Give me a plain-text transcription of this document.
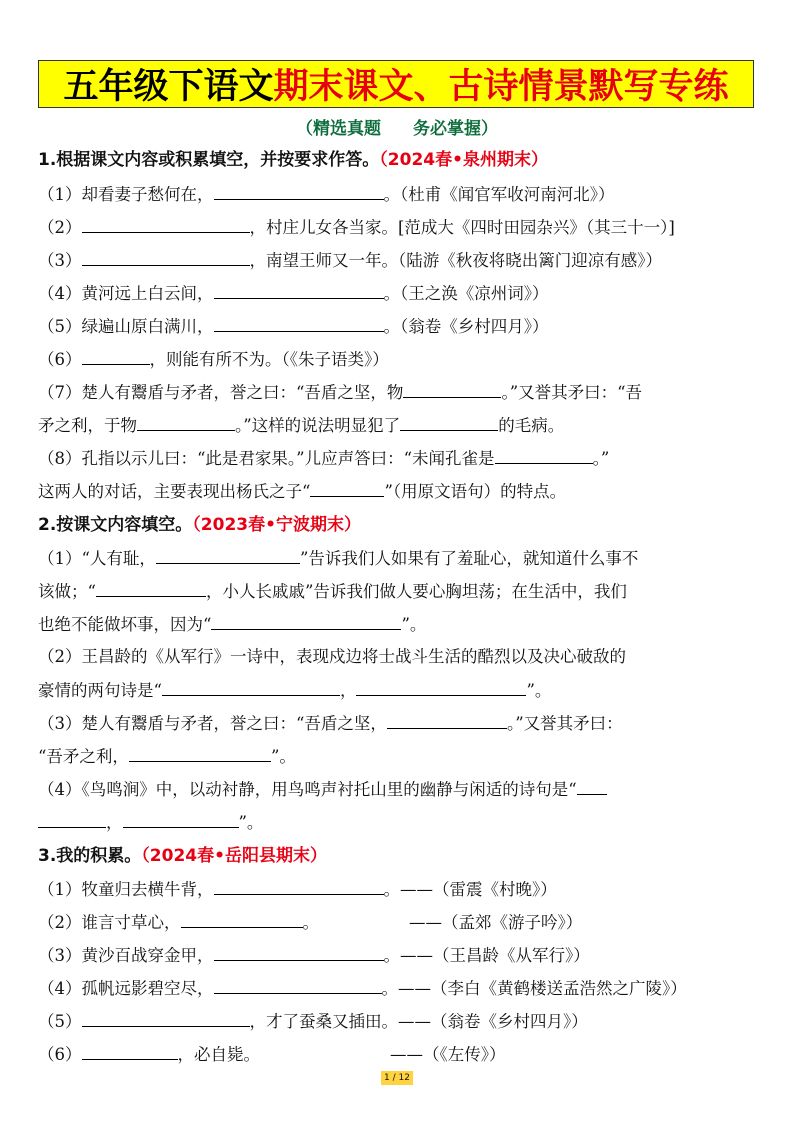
五年级下语文 期末课文、古诗情景默写专练
（精选真题 务必掌握）
1.根据课文内容或积累填空，并按要求作答。（2024春•泉州期末）
（1）却看妻子愁何在，	。（杜甫《闻官军收河南河北》）
（2）	，村庄儿女各当家。[范成大《四时田园杂兴》（其三十一）]
（3）	，南望王师又一年。（陆游《秋夜将晓出篱门迎凉有感》）
（4）黄河远上白云间，	。（王之涣《凉州词》）
（5）绿遍山原白满川，	。（翁卷《乡村四月》）
（6）	，则能有所不为。（《朱子语类》）
（7）楚人有鬻盾与矛者，誉之曰：“吾盾之坚，物	。”又誉其矛曰：“吾
矛之利，于物	。”这样的说法明显犯了	的毛病。
（8）孔指以示儿曰：“此是君家果。”儿应声答曰：“未闻孔雀是	。”
这两人的对话，主要表现出杨氏之子“	”（用原文语句）的特点。
2.按课文内容填空。（2023春•宁波期末）
（1）“人有耻，	”告诉我们人如果有了羞耻心，就知道什么事不
该做；“	，小人长戚戚”告诉我们做人要心胸坦荡；在生活中，我们
也绝不能做坏事，因为“	”。
（2）王昌龄的《从军行》一诗中，表现戍边将士战斗生活的酷烈以及决心破敌的
豪情的两句诗是“	，	”。
（3）楚人有鬻盾与矛者，誉之曰：“吾盾之坚，	。”又誉其矛曰：
“吾矛之利，	”。
（4）《鸟鸣涧》中，以动衬静，用鸟鸣声衬托山里的幽静与闲适的诗句是“
，	”。
3.我的积累。（2024春•岳阳县期末）
（1）牧童归去横牛背，	。——（雷震《村晚》）
（2）谁言寸草心，	。	——（孟郊《游子吟》）
（3）黄沙百战穿金甲，	。——（王昌龄《从军行》）
（4）孤帆远影碧空尽，	。——（李白《黄鹤楼送孟浩然之广陵》）
（5）	，才了蚕桑又插田。——（翁卷《乡村四月》）
（6）	，必自毙。	——（《左传》）
1 / 12
